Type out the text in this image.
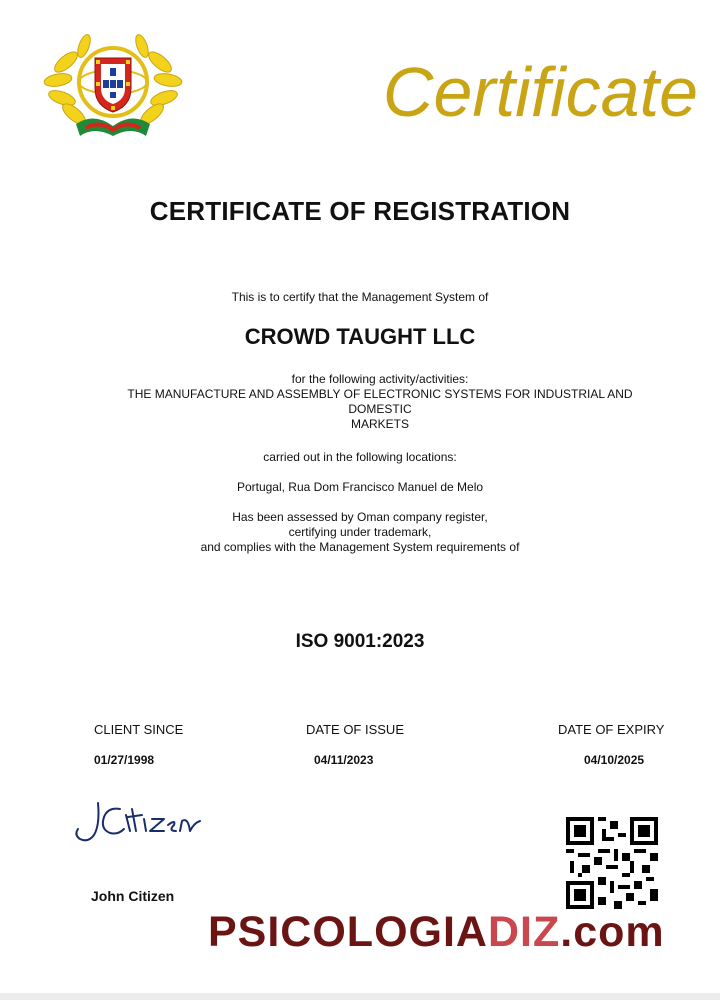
Certificate
CERTIFICATE OF REGISTRATION
This is to certify that the Management System of
CROWD TAUGHT LLC
for the following activity/activities:
THE MANUFACTURE AND ASSEMBLY OF ELECTRONIC SYSTEMS FOR INDUSTRIAL AND
DOMESTIC
MARKETS
carried out in the following locations:
Portugal, Rua Dom Francisco Manuel de Melo
Has been assessed by Oman company register,
certifying under trademark,
and complies with the Management System requirements of
ISO 9001:2023
CLIENT SINCE	DATE OF ISSUE	DATE OF EXPIRY
01/27/1998	04/11/2023	04/10/2025
John Citizen
PSICOLOGIADIZ.com
